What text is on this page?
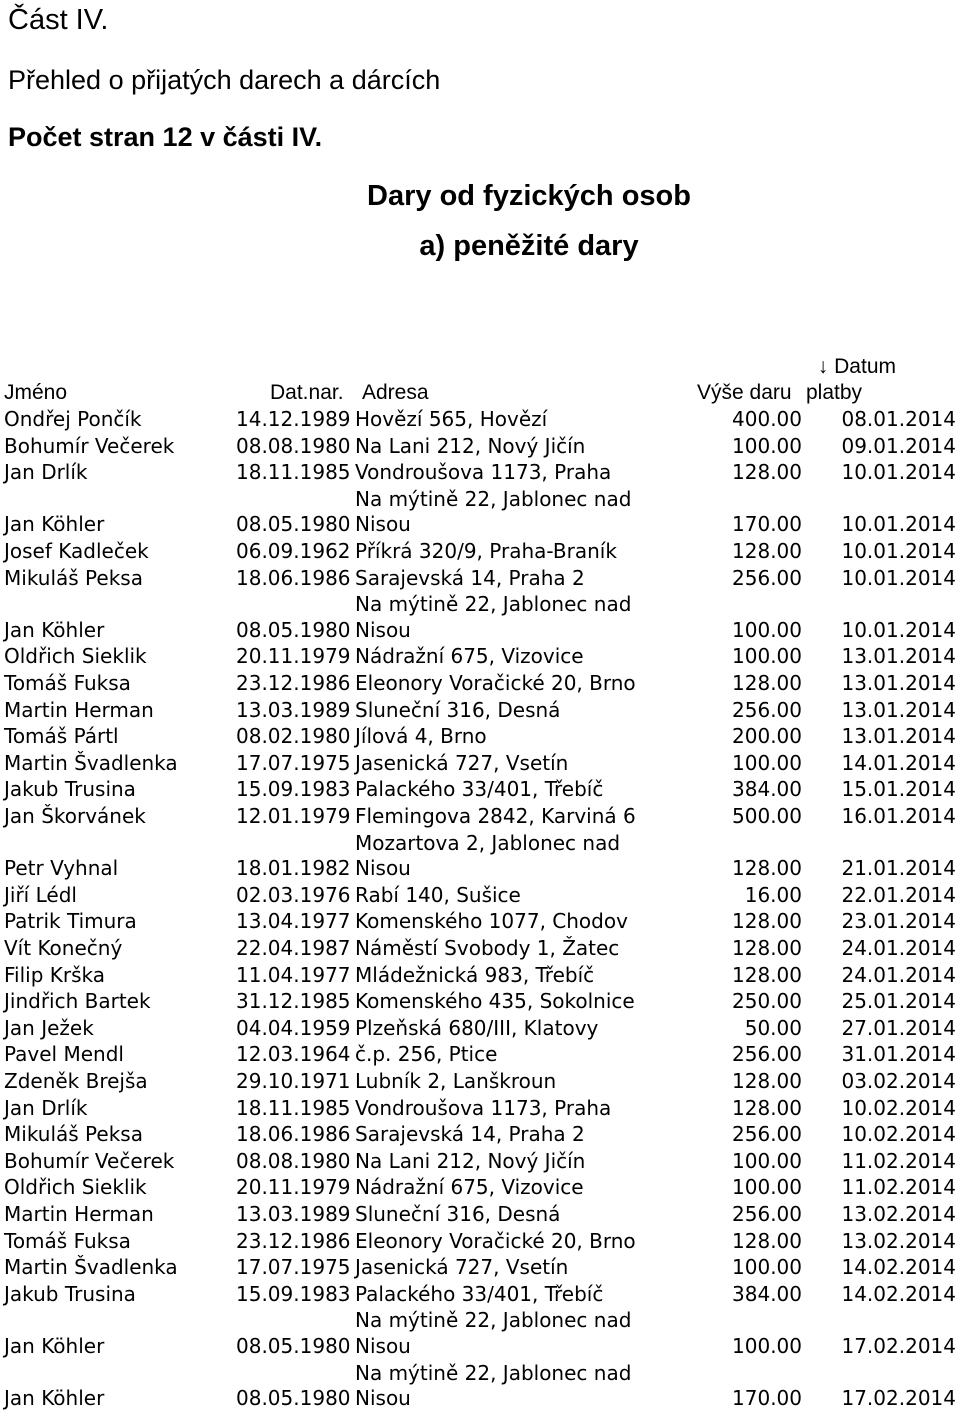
Část IV.
Přehled o přijatých darech a dárcích
Počet stran 12 v části IV.
Dary od fyzických osob
a) peněžité dary
↓ Datum
Jméno	Dat.nar. Adresa	Výše daru platby
Ondřej Pončík	14.12.1989 Hovězí 565, Hovězí	400.00 08.01.2014
Bohumír Večerek	08.08.1980 Na Lani 212, Nový Jičín	100.00 09.01.2014
Jan Drlík	18.11.1985 Vondroušova 1173, Praha	128.00 10.01.2014
Na mýtině 22, Jablonec nad
Jan Köhler	08.05.1980 Nisou	170.00 10.01.2014
Josef Kadleček	06.09.1962 Příkrá 320/9, Praha-Braník	128.00 10.01.2014
Mikuláš Peksa	18.06.1986 Sarajevská 14, Praha 2	256.00 10.01.2014
Na mýtině 22, Jablonec nad
Jan Köhler	08.05.1980 Nisou	100.00 10.01.2014
Oldřich Sieklik	20.11.1979 Nádražní 675, Vizovice	100.00 13.01.2014
Tomáš Fuksa	23.12.1986 Eleonory Voračické 20, Brno	128.00 13.01.2014
Martin Herman	13.03.1989 Sluneční 316, Desná	256.00 13.01.2014
Tomáš Pártl	08.02.1980 Jílová 4, Brno	200.00 13.01.2014
Martin Švadlenka	17.07.1975 Jasenická 727, Vsetín	100.00 14.01.2014
Jakub Trusina	15.09.1983 Palackého 33/401, Třebíč	384.00 15.01.2014
Jan Škorvánek	12.01.1979 Flemingova 2842, Karviná 6	500.00 16.01.2014
Mozartova 2, Jablonec nad
Petr Vyhnal	18.01.1982 Nisou	128.00 21.01.2014
Jiří Lédl	02.03.1976 Rabí 140, Sušice	16.00 22.01.2014
Patrik Timura	13.04.1977 Komenského 1077, Chodov	128.00 23.01.2014
Vít Konečný	22.04.1987 Náměstí Svobody 1, Žatec	128.00 24.01.2014
Filip Krška	11.04.1977 Mládežnická 983, Třebíč	128.00 24.01.2014
Jindřich Bartek	31.12.1985 Komenského 435, Sokolnice	250.00 25.01.2014
Jan Ježek	04.04.1959 Plzeňská 680/III, Klatovy	50.00 27.01.2014
Pavel Mendl	12.03.1964 č.p. 256, Ptice	256.00 31.01.2014
Zdeněk Brejša	29.10.1971 Lubník 2, Lanškroun	128.00 03.02.2014
Jan Drlík	18.11.1985 Vondroušova 1173, Praha	128.00 10.02.2014
Mikuláš Peksa	18.06.1986 Sarajevská 14, Praha 2	256.00 10.02.2014
Bohumír Večerek	08.08.1980 Na Lani 212, Nový Jičín	100.00 11.02.2014
Oldřich Sieklik	20.11.1979 Nádražní 675, Vizovice	100.00 11.02.2014
Martin Herman	13.03.1989 Sluneční 316, Desná	256.00 13.02.2014
Tomáš Fuksa	23.12.1986 Eleonory Voračické 20, Brno	128.00 13.02.2014
Martin Švadlenka	17.07.1975 Jasenická 727, Vsetín	100.00 14.02.2014
Jakub Trusina	15.09.1983 Palackého 33/401, Třebíč	384.00 14.02.2014
Na mýtině 22, Jablonec nad
Jan Köhler	08.05.1980 Nisou	100.00 17.02.2014
Na mýtině 22, Jablonec nad
Jan Köhler	08.05.1980 Nisou	170.00 17.02.2014
